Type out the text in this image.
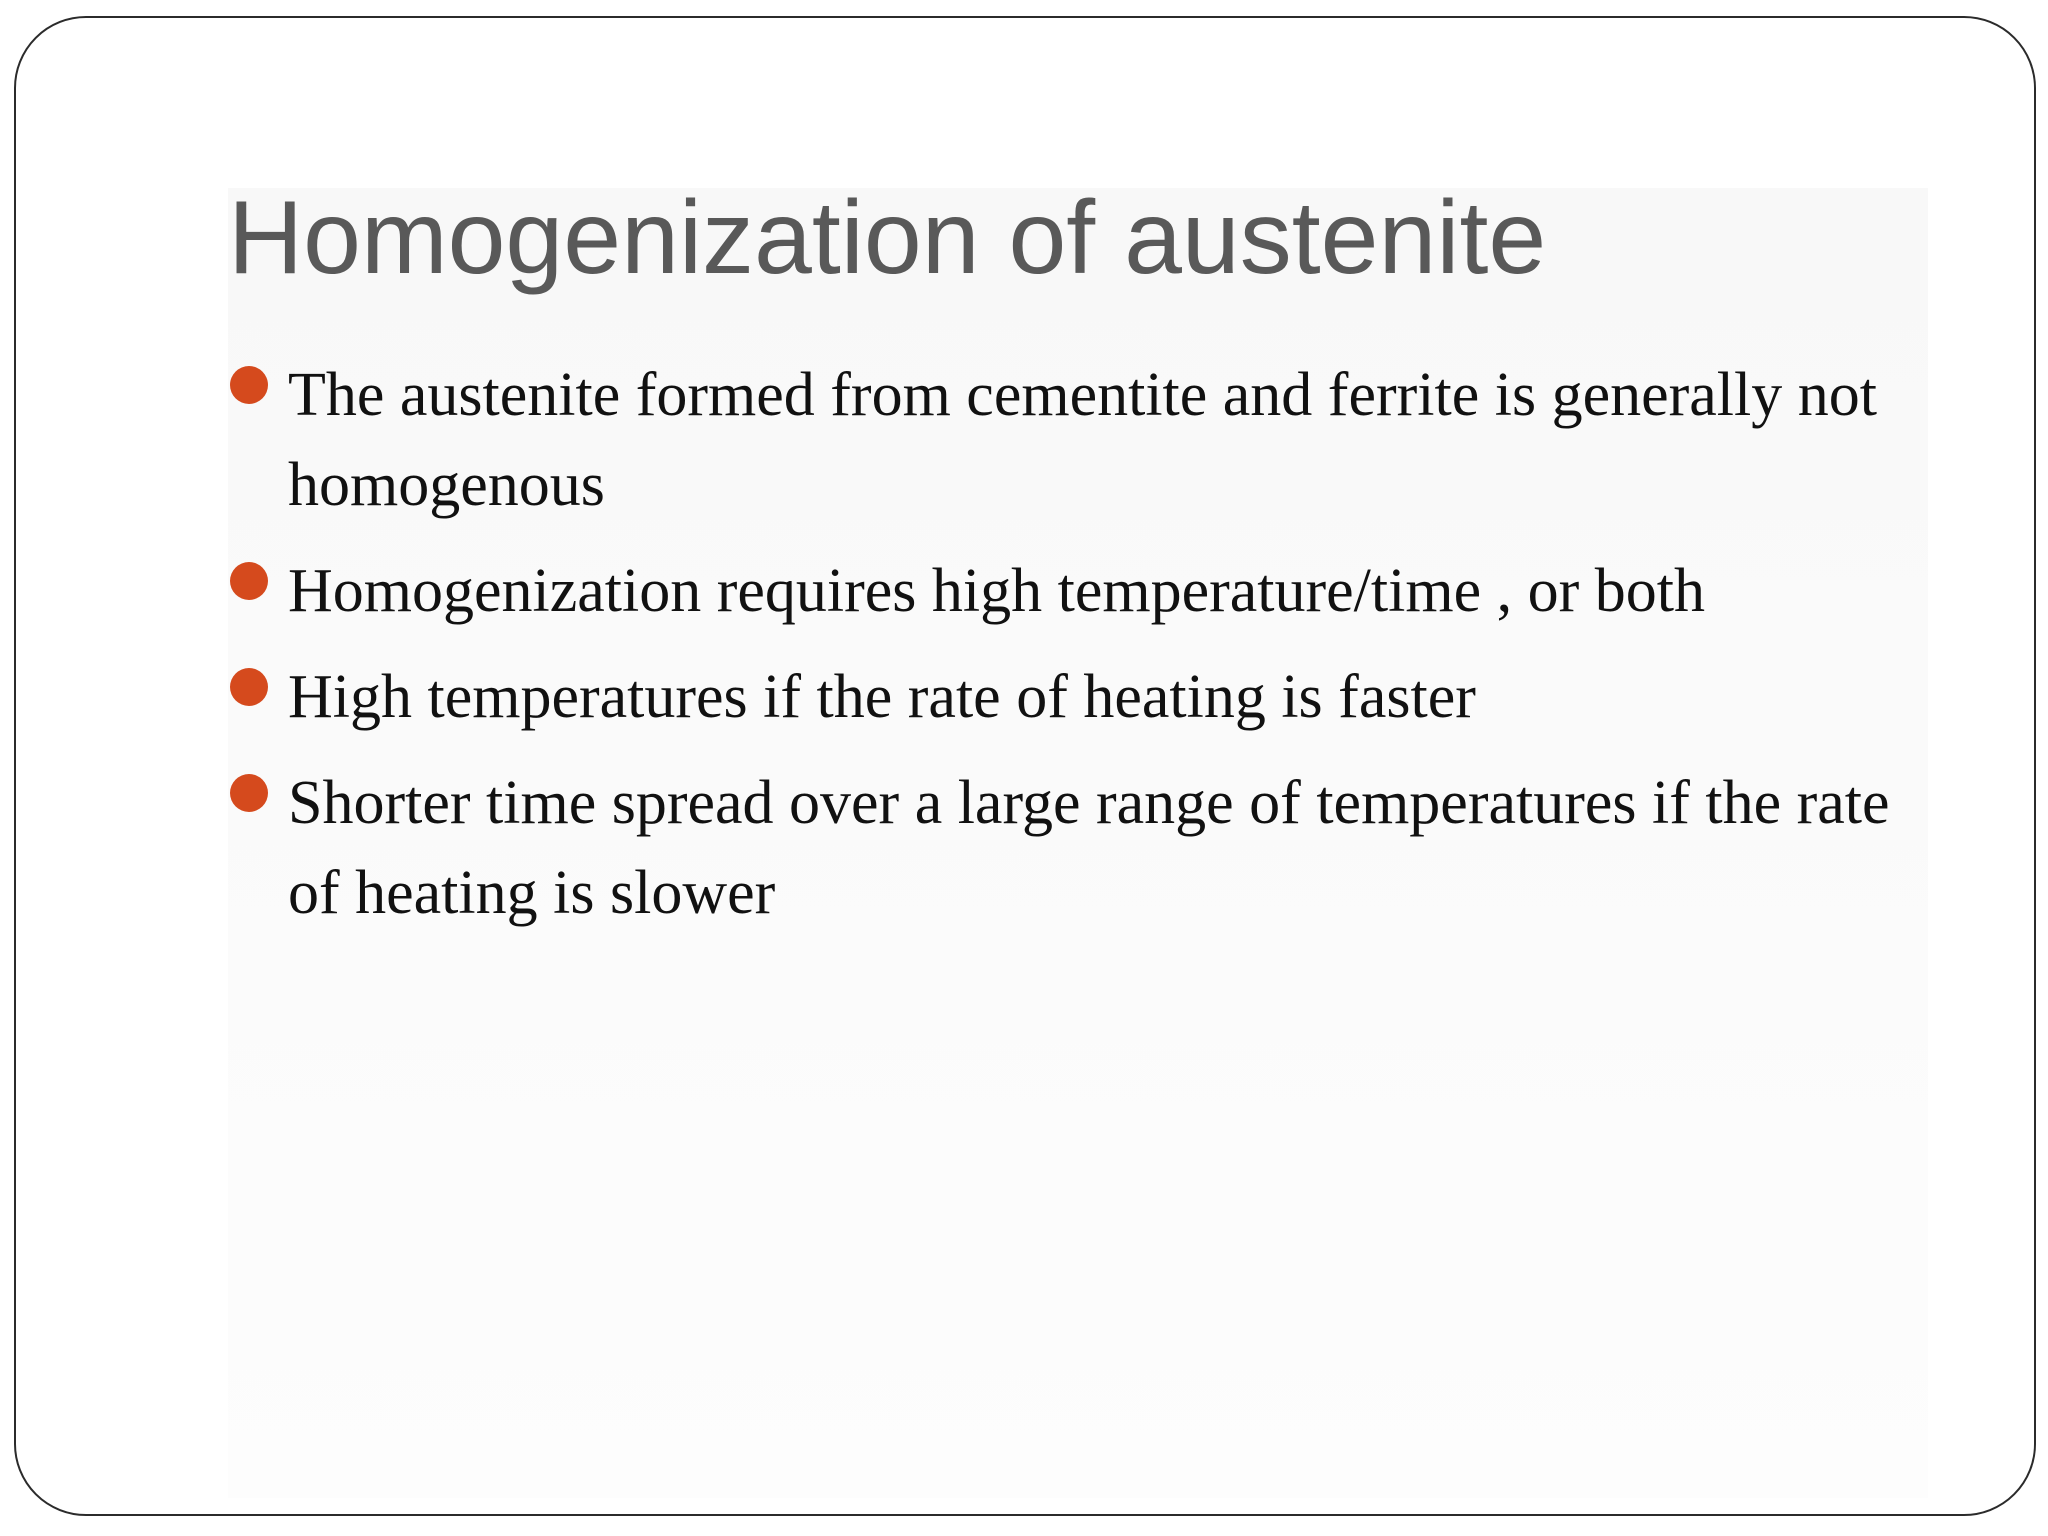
Homogenization of austenite
The austenite formed from cementite and ferrite is generally not homogenous
Homogenization requires high temperature/time , or both
High temperatures if the rate of heating is faster
Shorter time spread over a large range of temperatures if the rate of heating is slower
